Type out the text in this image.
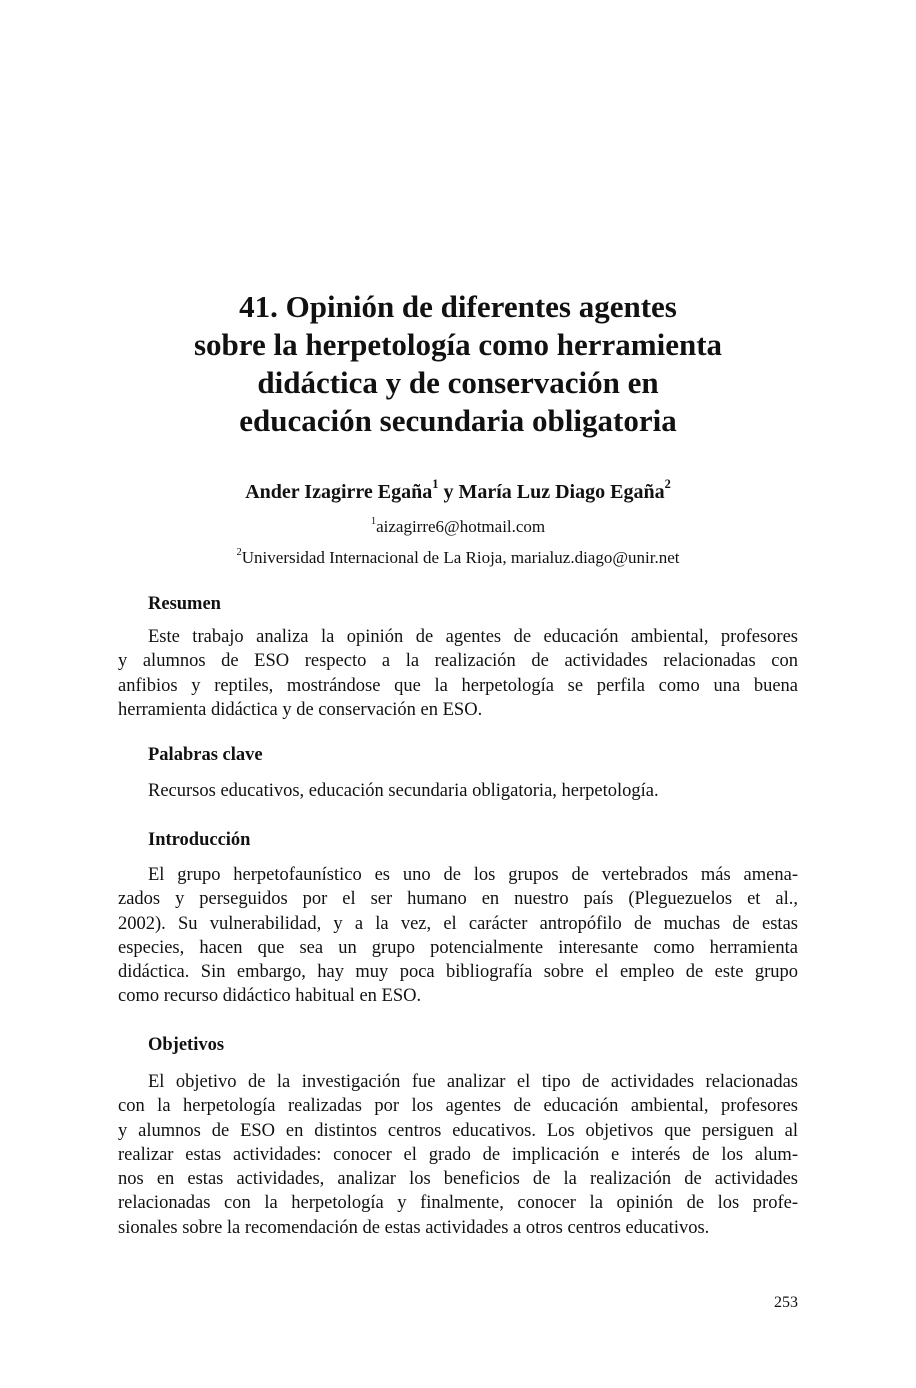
41. Opinión de diferentes agentes
sobre la herpetología como herramienta
didáctica y de conservación en
educación secundaria obligatoria
Ander Izagirre Egaña$^1$ y María Luz Diago Egaña$^2$
$^1$aizagirre6@hotmail.com
$^2$Universidad Internacional de La Rioja, marialuz.diago@unir.net
Resumen
Este trabajo analiza la opinión de agentes de educación ambiental, profesores
y alumnos de ESO respecto a la realización de actividades relacionadas con
anfibios y reptiles, mostrándose que la herpetología se perfila como una buena
herramienta didáctica y de conservación en ESO.
Palabras clave
Recursos educativos, educación secundaria obligatoria, herpetología.
Introducción
El grupo herpetofaunístico es uno de los grupos de vertebrados más amena-
zados y perseguidos por el ser humano en nuestro país (Pleguezuelos et al.,
2002). Su vulnerabilidad, y a la vez, el carácter antropófilo de muchas de estas
especies, hacen que sea un grupo potencialmente interesante como herramienta
didáctica. Sin embargo, hay muy poca bibliografía sobre el empleo de este grupo
como recurso didáctico habitual en ESO.
Objetivos
El objetivo de la investigación fue analizar el tipo de actividades relacionadas
con la herpetología realizadas por los agentes de educación ambiental, profesores
y alumnos de ESO en distintos centros educativos. Los objetivos que persiguen al
realizar estas actividades: conocer el grado de implicación e interés de los alum-
nos en estas actividades, analizar los beneficios de la realización de actividades
relacionadas con la herpetología y finalmente, conocer la opinión de los profe-
sionales sobre la recomendación de estas actividades a otros centros educativos.
253
